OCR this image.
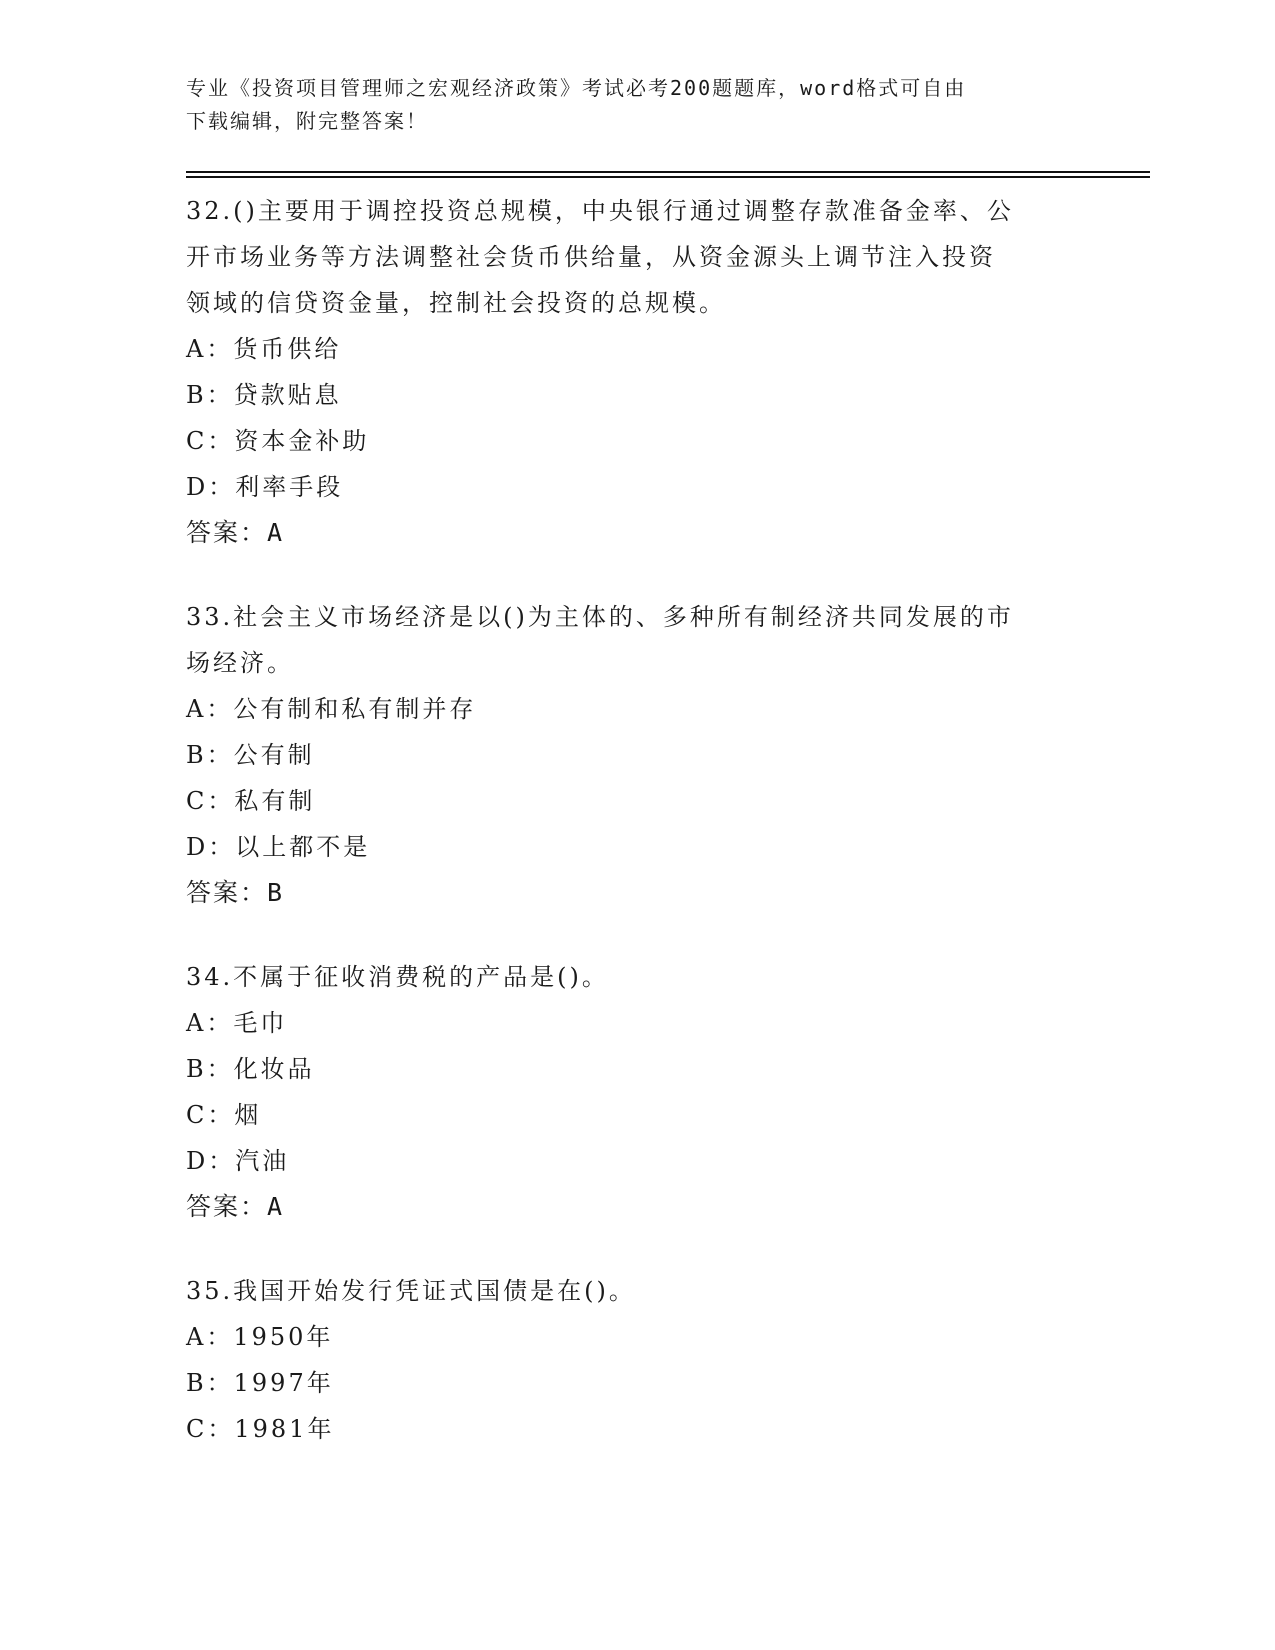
专业《投资项目管理师之宏观经济政策》考试必考200题题库，word格式可自由
下载编辑，附完整答案！
32.()主要用于调控投资总规模，中央银行通过调整存款准备金率、公
开市场业务等方法调整社会货币供给量，从资金源头上调节注入投资
领域的信贷资金量，控制社会投资的总规模。
A：货币供给
B：贷款贴息
C：资本金补助
D：利率手段
答案：A
33.社会主义市场经济是以()为主体的、多种所有制经济共同发展的市
场经济。
A：公有制和私有制并存
B：公有制
C：私有制
D：以上都不是
答案：B
34.不属于征收消费税的产品是()。
A：毛巾
B：化妆品
C：烟
D：汽油
答案：A
35.我国开始发行凭证式国债是在()。
A：1950年
B：1997年
C：1981年
